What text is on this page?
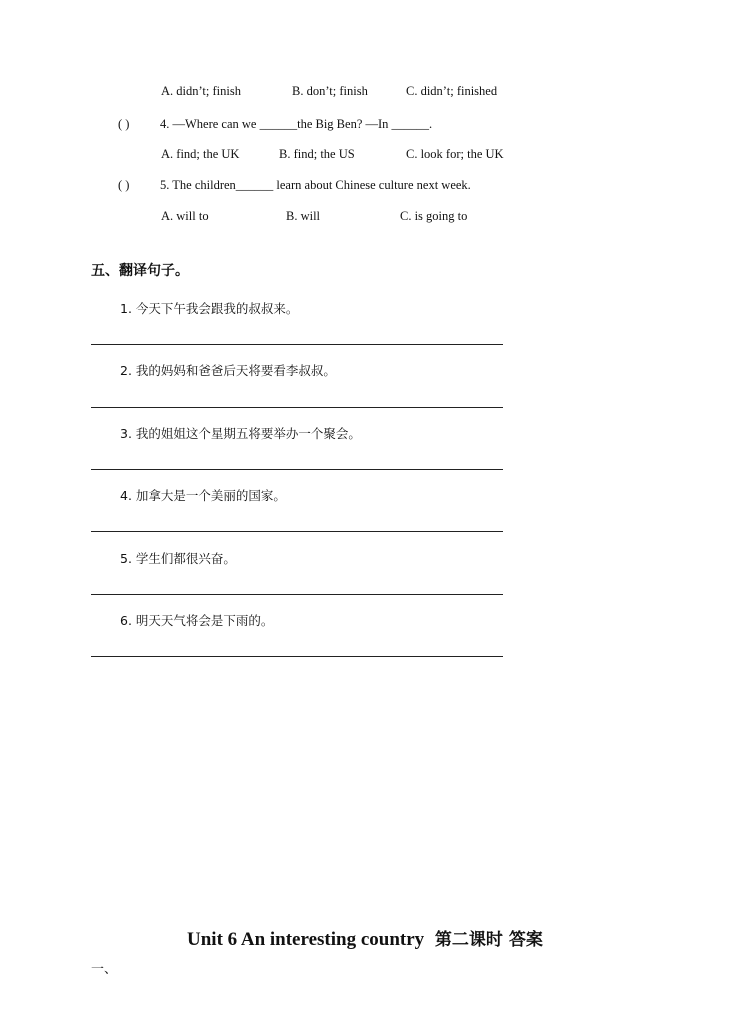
A. didn’t; finish	B. don’t; finish	C. didn’t; finished
( ) 4. —Where can we ______the Big Ben? —In ______.
A. find; the UK	B. find; the US	C. look for; the UK
( ) 5. The children______ learn about Chinese culture next week.
A. will to	B. will	C. is going to
五、翻译句子。
1. 今天下午我会跟我的叔叔来。
2. 我的妈妈和爸爸后天将要看李叔叔。
3. 我的姐姐这个星期五将要举办一个聚会。
4. 加拿大是一个美丽的国家。
5. 学生们都很兴奋。
6. 明天天气将会是下雨的。
Unit 6 An interesting country 第二课时 答案
一、
